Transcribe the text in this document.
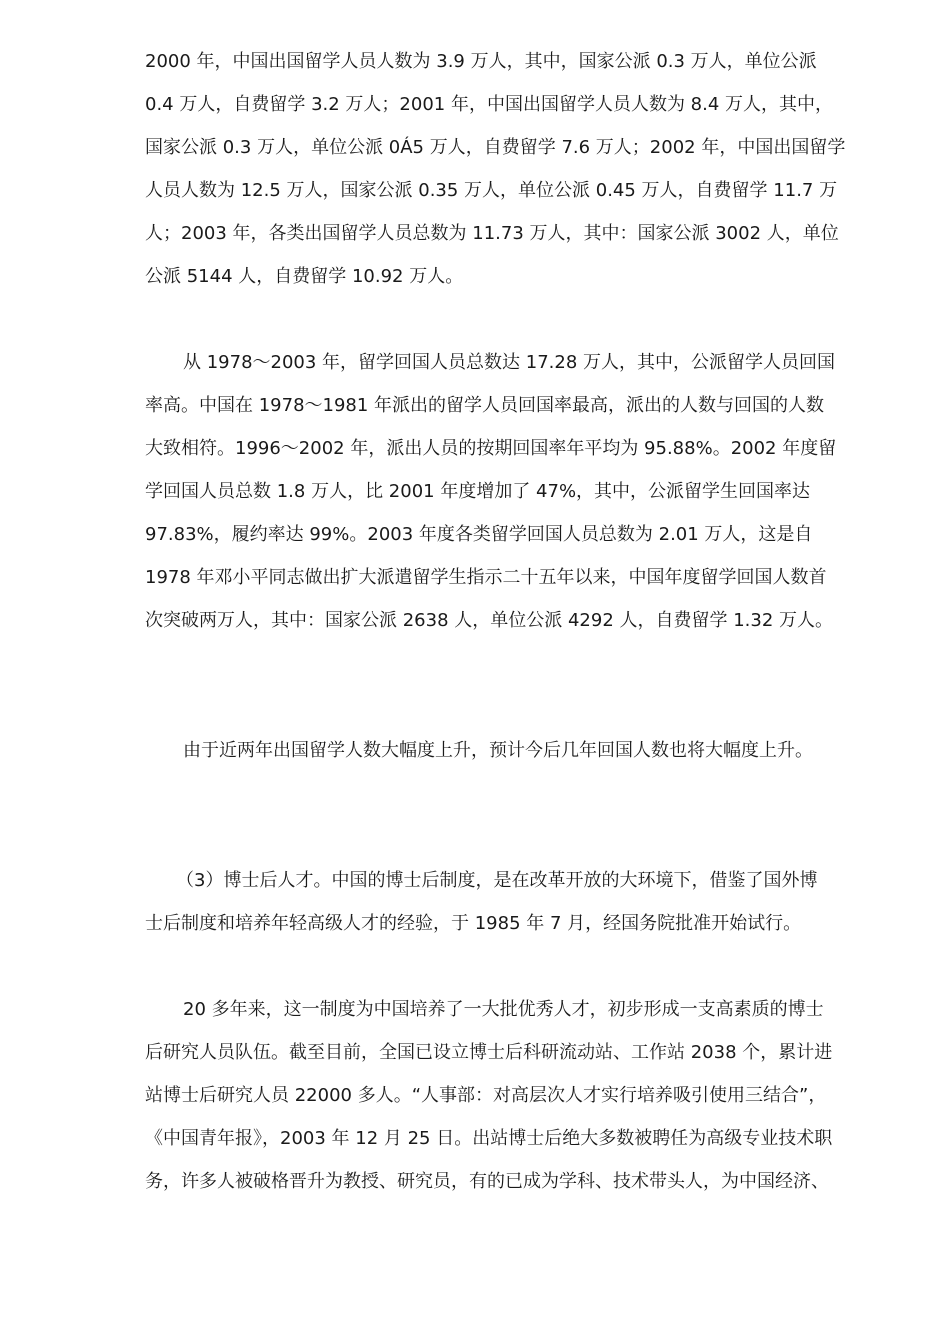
2000 年，中国出国留学人员人数为 3.9 万人，其中，国家公派 0.3 万人，单位公派
0.4 万人，自费留学 3.2 万人；2001 年，中国出国留学人员人数为 8.4 万人，其中，
国家公派 0.3 万人，单位公派 0Á5 万人，自费留学 7.6 万人；2002 年，中国出国留学
人员人数为 12.5 万人，国家公派 0.35 万人，单位公派 0.45 万人，自费留学 11.7 万
人；2003 年，各类出国留学人员总数为 11.73 万人，其中：国家公派 3002 人，单位
公派 5144 人，自费留学 10.92 万人。
从 1978～2003 年，留学回国人员总数达 17.28 万人，其中，公派留学人员回国
率高。中国在 1978～1981 年派出的留学人员回国率最高，派出的人数与回国的人数
大致相符。1996～2002 年，派出人员的按期回国率年平均为 95.88%。2002 年度留
学回国人员总数 1.8 万人，比 2001 年度增加了 47%，其中，公派留学生回国率达
97.83%，履约率达 99%。2003 年度各类留学回国人员总数为 2.01 万人，这是自
1978 年邓小平同志做出扩大派遣留学生指示二十五年以来，中国年度留学回国人数首
次突破两万人，其中：国家公派 2638 人，单位公派 4292 人，自费留学 1.32 万人。
由于近两年出国留学人数大幅度上升，预计今后几年回国人数也将大幅度上升。
（3）博士后人才。中国的博士后制度，是在改革开放的大环境下，借鉴了国外博
士后制度和培养年轻高级人才的经验，于 1985 年 7 月，经国务院批准开始试行。
20 多年来，这一制度为中国培养了一大批优秀人才，初步形成一支高素质的博士
后研究人员队伍。截至目前，全国已设立博士后科研流动站、工作站 2038 个，累计进
站博士后研究人员 22000 多人。“人事部：对高层次人才实行培养吸引使用三结合”，
《中国青年报》，2003 年 12 月 25 日。出站博士后绝大多数被聘任为高级专业技术职
务，许多人被破格晋升为教授、研究员，有的已成为学科、技术带头人，为中国经济、
